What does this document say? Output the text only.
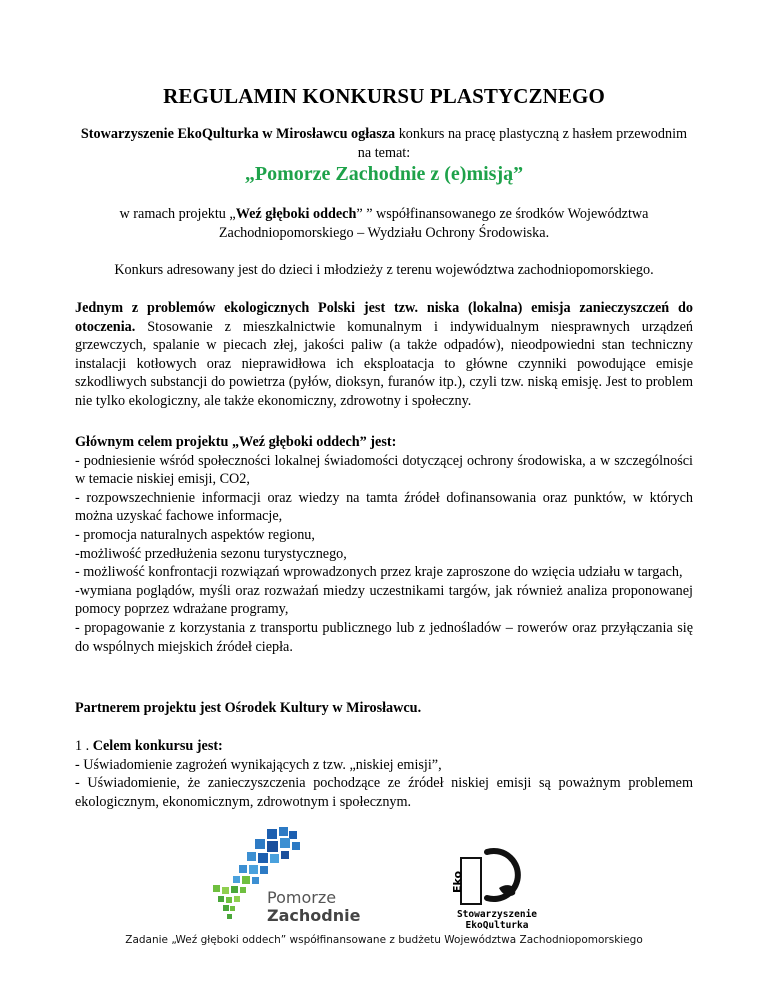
REGULAMIN KONKURSU PLASTYCZNEGO

Stowarzyszenie EkoQulturka w Mirosławcu ogłasza konkurs na pracę plastyczną z hasłem przewodnim na temat:

„Pomorze Zachodnie z (e)misją”

w ramach projektu „Weź głęboki oddech” ” współfinansowanego ze środków Województwa Zachodniopomorskiego – Wydziału Ochrony Środowiska.

Konkurs adresowany jest do dzieci i młodzieży z terenu województwa zachodniopomorskiego.

Jednym z problemów ekologicznych Polski jest tzw. niska (lokalna) emisja zanieczyszczeń do otoczenia. Stosowanie z mieszkalnictwie komunalnym i indywidualnym niesprawnych urządzeń grzewczych, spalanie w piecach złej, jakości paliw (a także odpadów), nieodpowiedni stan techniczny instalacji kotłowych oraz nieprawidłowa ich eksploatacja to główne czynniki powodujące emisje szkodliwych substancji do powietrza (pyłów, dioksyn, furanów itp.), czyli tzw. niską emisję. Jest to problem nie tylko ekologiczny, ale także ekonomiczny, zdrowotny i społeczny.

Głównym celem projektu „Weź głęboki oddech” jest:
- podniesienie wśród społeczności lokalnej świadomości dotyczącej ochrony środowiska, a w szczególności w temacie niskiej emisji, CO2,
- rozpowszechnienie informacji oraz wiedzy na tamta źródeł dofinansowania oraz punktów, w których można uzyskać fachowe informacje,
- promocja naturalnych aspektów regionu,
-możliwość przedłużenia sezonu turystycznego,
- możliwość konfrontacji rozwiązań wprowadzonych przez kraje zaproszone do wzięcia udziału w targach,
-wymiana poglądów, myśli oraz rozważań miedzy uczestnikami targów, jak również analiza proponowanej pomocy poprzez wdrażane programy,
- propagowanie z korzystania z transportu publicznego lub z jednośladów – rowerów oraz przyłączania się do wspólnych miejskich źródeł ciepła.

Partnerem projektu jest Ośrodek Kultury w Mirosławcu.

1 . Celem konkursu jest:
- Uświadomienie zagrożeń wynikających z tzw. „niskiej emisji”,
- Uświadomienie, że zanieczyszczenia pochodzące ze źródeł niskiej emisji są poważnym problemem ekologicznym, ekonomicznym, zdrowotnym i społecznym.
Pomorze
Zachodnie
Eko
Stowarzyszenie
EkoQulturka
Zadanie „Weź głęboki oddech” współfinansowane z budżetu Województwa Zachodniopomorskiego
